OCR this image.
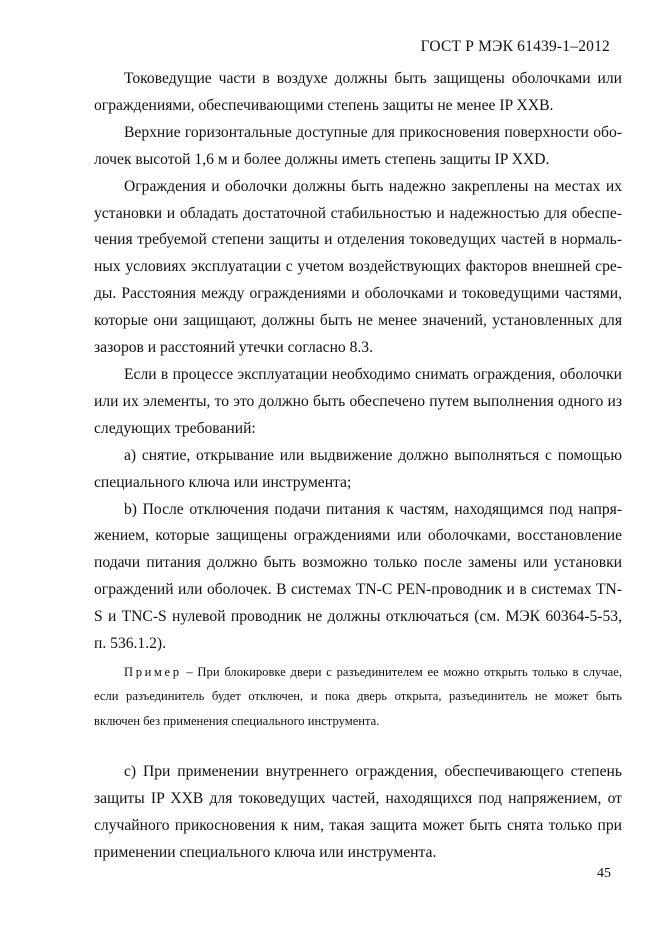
ГОСТ Р МЭК 61439-1–2012

Токоведущие части в воздухе должны быть защищены оболочками или ограждениями, обеспечивающими степень защиты не менее IP ХХВ.

Верхние горизонтальные доступные для прикосновения поверхности оболочек высотой 1,6 м и более должны иметь степень защиты IP XXD.

Ограждения и оболочки должны быть надежно закреплены на местах их установки и обладать достаточной стабильностью и надежностью для обеспечения требуемой степени защиты и отделения токоведущих частей в нормальных условиях эксплуатации с учетом воздействующих факторов внешней среды. Расстояния между ограждениями и оболочками и токоведущими частями, которые они защищают, должны быть не менее значений, установленных для зазоров и расстояний утечки согласно 8.3.

Если в процессе эксплуатации необходимо снимать ограждения, оболочки или их элементы, то это должно быть обеспечено путем выполнения одного из следующих требований:

а) снятие, открывание или выдвижение должно выполняться с помощью специального ключа или инструмента;

b) После отключения подачи питания к частям, находящимся под напряжением, которые защищены ограждениями или оболочками, восстановление подачи питания должно быть возможно только после замены или установки ограждений или оболочек. В системах TN-C PEN-проводник и в системах TN-S и TNC-S нулевой проводник не должны отключаться (см. МЭК 60364-5-53, п. 536.1.2).

Пример – При блокировке двери с разъединителем ее можно открыть только в случае, если разъединитель будет отключен, и пока дверь открыта, разъединитель не может быть включен без применения специального инструмента.

с) При применении внутреннего ограждения, обеспечивающего степень защиты IP XXB для токоведущих частей, находящихся под напряжением, от случайного прикосновения к ним, такая защита может быть снята только при применении специального ключа или инструмента.

45
